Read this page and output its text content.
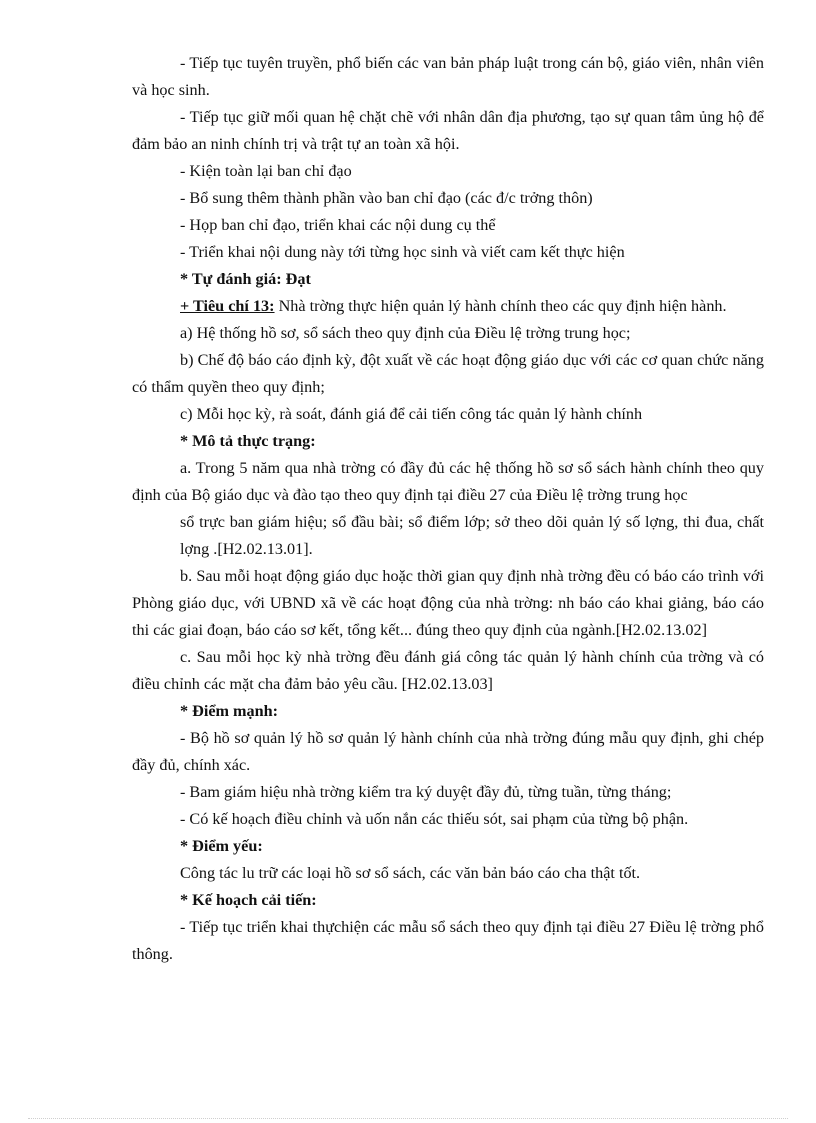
- Tiếp tục tuyên truyền, phổ biến các van bản pháp luật trong cán bộ, giáo viên, nhân viên và học sinh.

- Tiếp tục giữ mối quan hệ chặt chẽ với nhân dân địa phương, tạo sự quan tâm ủng hộ để đảm bảo an ninh chính trị và trật tự an toàn xã hội.

- Kiện toàn lại ban chỉ đạo

- Bổ sung thêm thành phần vào ban chỉ đạo (các đ/c trởng thôn)

- Họp ban chỉ đạo, triển khai các nội dung cụ thể

- Triển khai nội dung này tới từng học sinh và viết cam kết thực hiện

* Tự đánh giá: Đạt

+ Tiêu chí 13: Nhà trờng thực hiện quản lý hành chính theo các quy định hiện hành.

a) Hệ thống hồ sơ, sổ sách theo quy định của Điều lệ trờng trung học;

b) Chế độ báo cáo định kỳ, đột xuất về các hoạt động giáo dục với các cơ quan chức năng có thẩm quyền theo quy định;

c) Mỗi học kỳ, rà soát, đánh giá để cải tiến công tác quản lý hành chính

* Mô tả thực trạng:

a. Trong 5 năm qua nhà trờng có đầy đủ các hệ thống hồ sơ sổ sách hành chính theo quy định của Bộ giáo dục và đào tạo theo quy định tại điều 27 của Điều lệ trờng trung học

sổ trực ban giám hiệu; sổ đầu bài; sổ điểm lớp; sở theo dõi quản lý số lợng, thi đua, chất lợng .[H2.02.13.01].

b. Sau mỗi hoạt động giáo dục hoặc thời gian quy định nhà trờng đều có báo cáo trình với Phòng giáo dục, với UBND xã về các hoạt động của nhà trờng: nh báo cáo khai giảng, báo cáo thi các giai đoạn, báo cáo sơ kết, tổng kết... đúng theo quy định của ngành.[H2.02.13.02]

c. Sau mỗi học kỳ nhà trờng đều đánh giá công tác quản lý hành chính của trờng và có điều chỉnh các mặt cha đảm bảo yêu cầu. [H2.02.13.03]

* Điểm mạnh:

- Bộ hồ sơ quản lý hồ sơ quản lý hành chính của nhà trờng đúng mẫu quy định, ghi chép đầy đủ, chính xác.

- Bam giám hiệu nhà trờng kiểm tra ký duyệt đầy đủ, từng tuần, từng tháng;

- Có kế hoạch điều chỉnh và uốn nắn các thiếu sót, sai phạm của từng bộ phận.

* Điểm yếu:

Công tác lu trữ các loại hồ sơ sổ sách, các văn bản báo cáo cha thật tốt.

* Kế hoạch cải tiến:

- Tiếp tục triển khai thựchiện các mẫu sổ sách theo quy định tại điều 27 Điều lệ trờng phổ thông.
